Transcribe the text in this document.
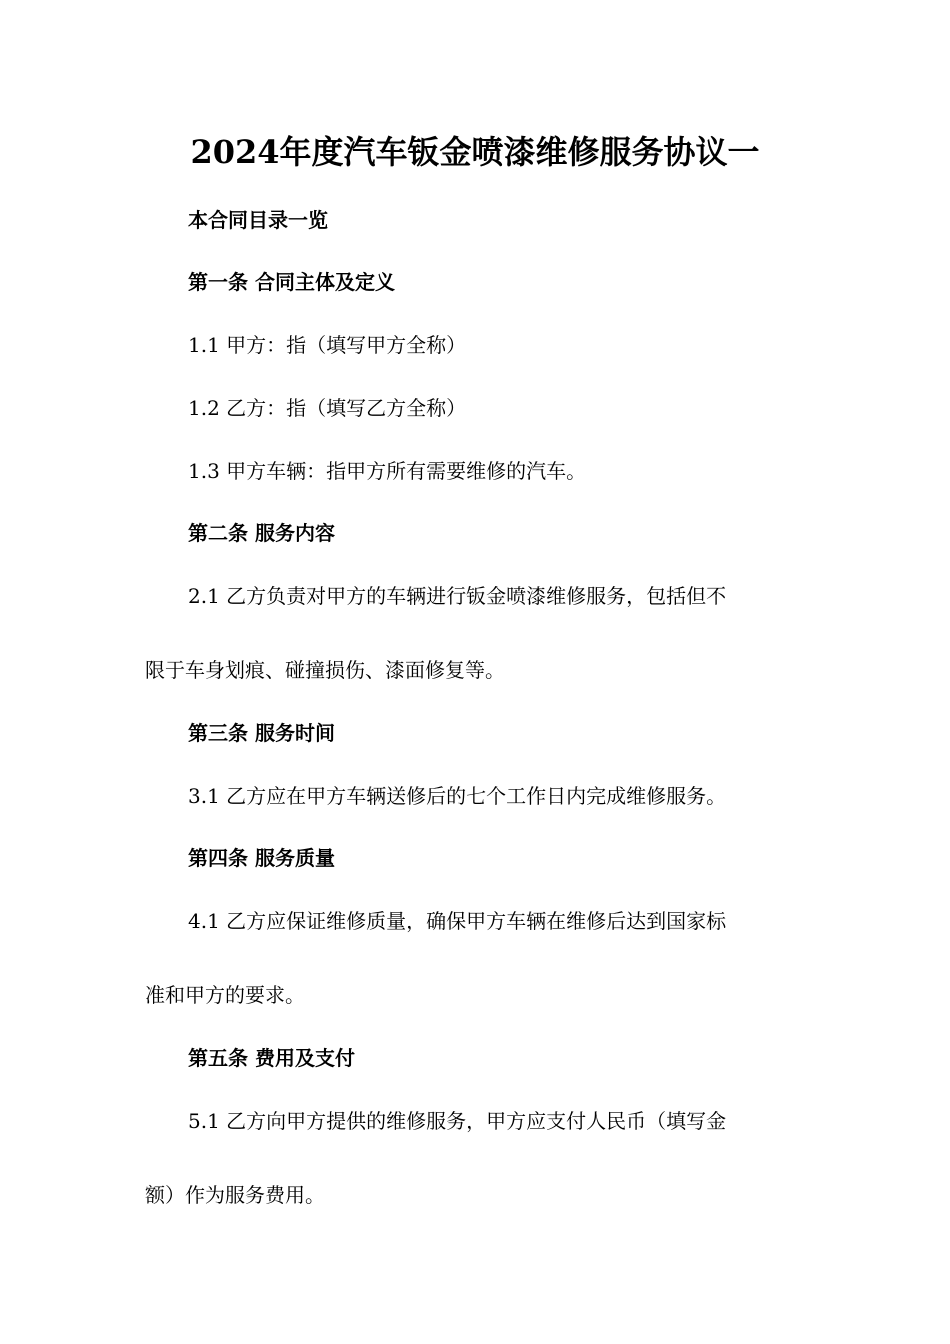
2024年度汽车钣金喷漆维修服务协议一
本合同目录一览
第一条 合同主体及定义
1.1 甲方：指（填写甲方全称）
1.2 乙方：指（填写乙方全称）
1.3 甲方车辆：指甲方所有需要维修的汽车。
第二条 服务内容
2.1 乙方负责对甲方的车辆进行钣金喷漆维修服务，包括但不
限于车身划痕、碰撞损伤、漆面修复等。
第三条 服务时间
3.1 乙方应在甲方车辆送修后的七个工作日内完成维修服务。
第四条 服务质量
4.1 乙方应保证维修质量，确保甲方车辆在维修后达到国家标
准和甲方的要求。
第五条 费用及支付
5.1 乙方向甲方提供的维修服务，甲方应支付人民币（填写金
额）作为服务费用。
